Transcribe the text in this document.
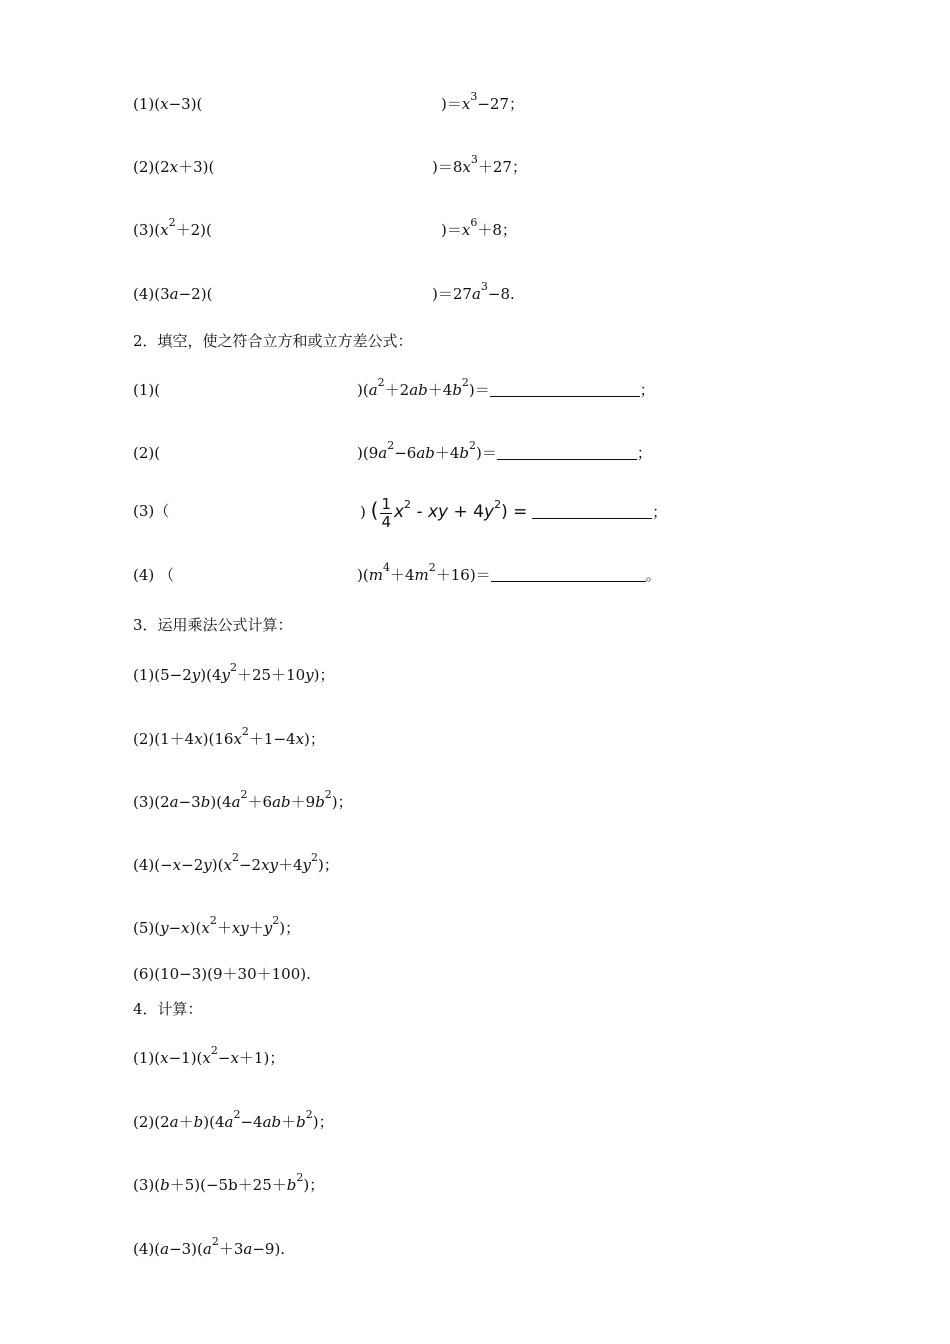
(1)(x−3)(	)$=x^3-27$；
(2)(2x＋3)(	)$=8x^3+27$；
$(3)(x^2+2)$(	)$=x^6+8$；
(4)(3a−2)(	)$=27a^3-8$.
2．填空，使之符合立方和或立方差公式：
(1)(	)$(a^2+2ab+4b^2)=$	；
(2)(	)$(9a^2-6ab+4b^2)=$	；
(3)（	) ( $\frac{1}{4} x^2$ - xy + $4y^2$) =	；
(4) （	)$(m^4+4m^2+16)=$	。
3．运用乘法公式计算：
$(1)(5-2y)(4y^2+25+10y)$；
$(2)(1+4x)(16x^2+1-4x)$；
$(3)(2a-3b)(4a^2+6ab+9b^2)$；
$(4)(-x-2y)(x^2-2xy+4y^2)$；
$(5)(y-x)(x^2+xy+y^2)$；
(6)(10−3)(9＋30＋100).
4．计算：
$(1)(x-1)(x^2-x+1)$；
$(2)(2a+b)(4a^2-4ab+b^2)$；
$(3)(b+5)(-5b+25+b^2)$；
$(4)(a-3)(a^2+3a-9)$.
